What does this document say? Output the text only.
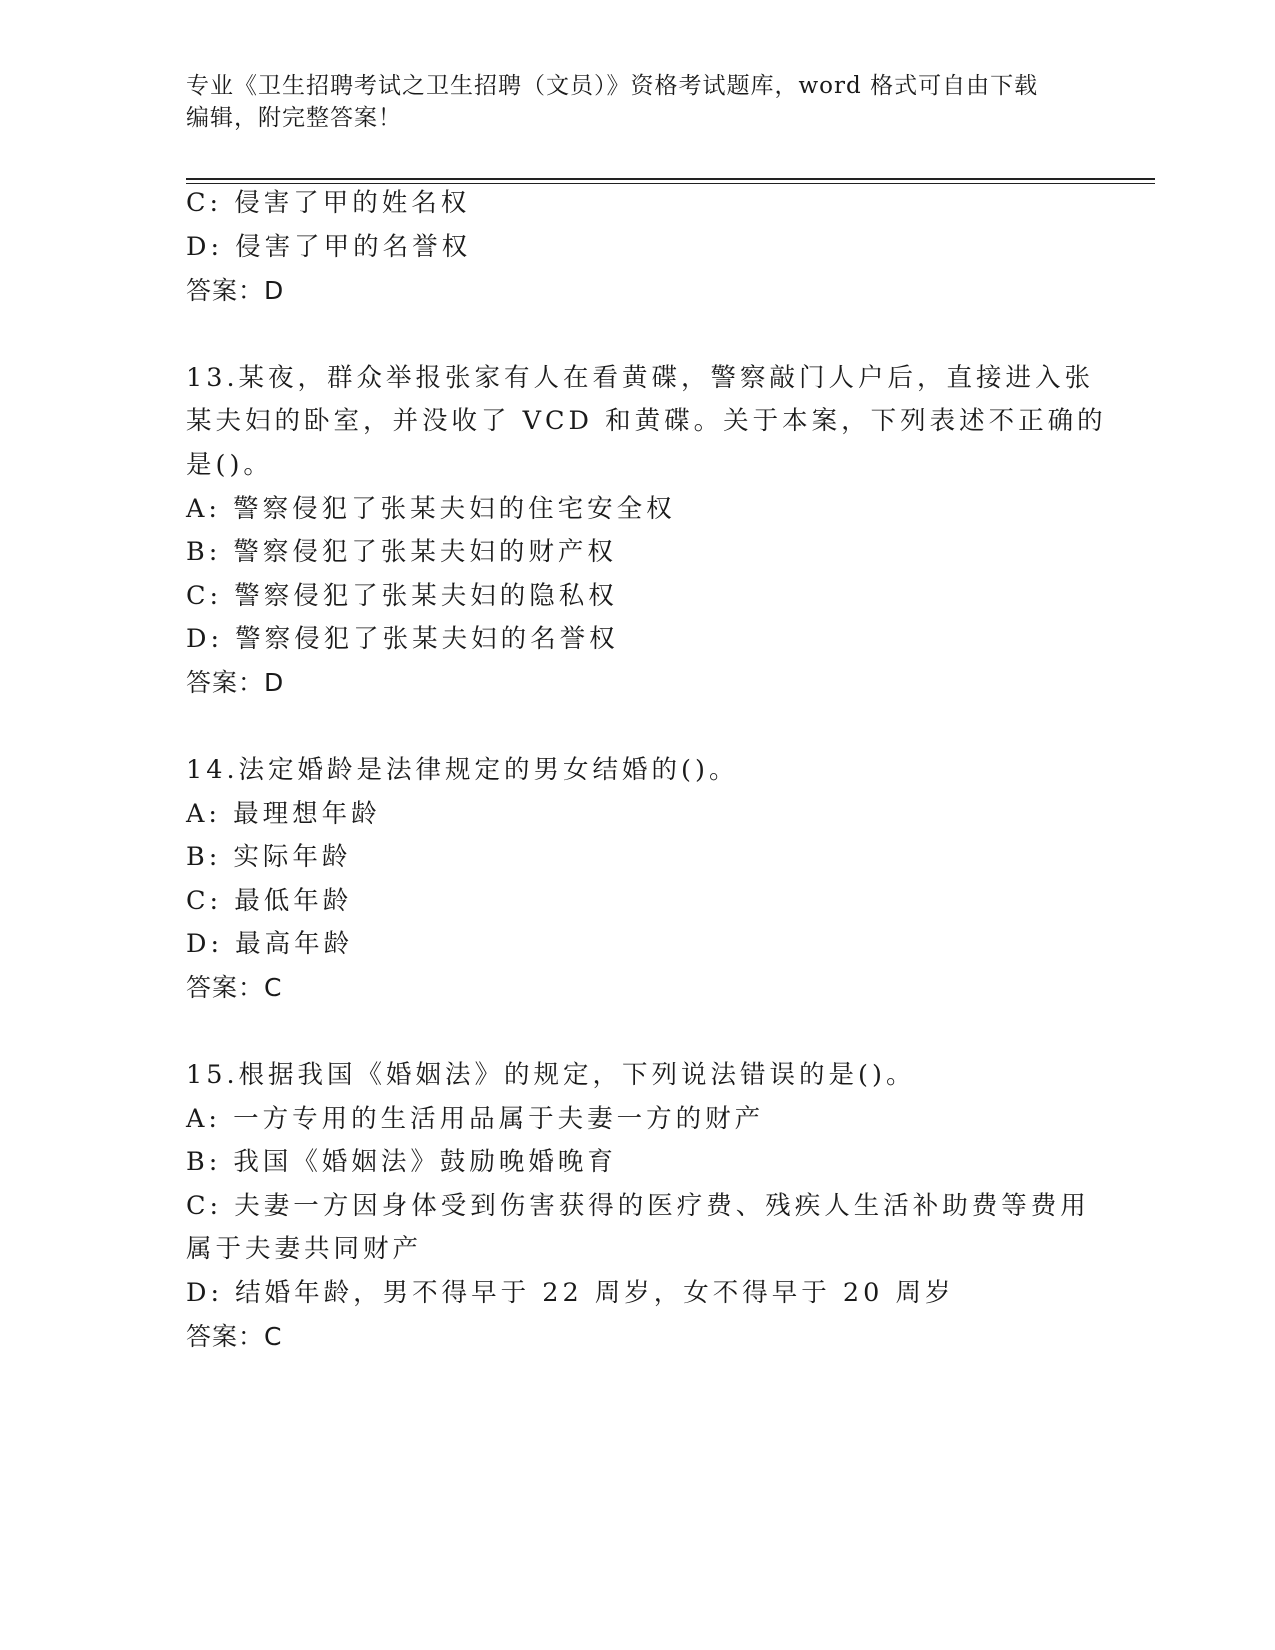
专业《卫生招聘考试之卫生招聘（文员）》资格考试题库，word 格式可自由下载
编辑，附完整答案！
C: 侵害了甲的姓名权
D: 侵害了甲的名誉权
答案：D
13.某夜，群众举报张家有人在看黄碟，警察敲门人户后，直接进入张
某夫妇的卧室，并没收了 VCD 和黄碟。关于本案，下列表述不正确的
是()。
A: 警察侵犯了张某夫妇的住宅安全权
B: 警察侵犯了张某夫妇的财产权
C: 警察侵犯了张某夫妇的隐私权
D: 警察侵犯了张某夫妇的名誉权
答案：D
14.法定婚龄是法律规定的男女结婚的()。
A: 最理想年龄
B: 实际年龄
C: 最低年龄
D: 最高年龄
答案：C
15.根据我国《婚姻法》的规定，下列说法错误的是()。
A: 一方专用的生活用品属于夫妻一方的财产
B: 我国《婚姻法》鼓励晚婚晚育
C: 夫妻一方因身体受到伤害获得的医疗费、残疾人生活补助费等费用
属于夫妻共同财产
D: 结婚年龄，男不得早于 22 周岁，女不得早于 20 周岁
答案：C
